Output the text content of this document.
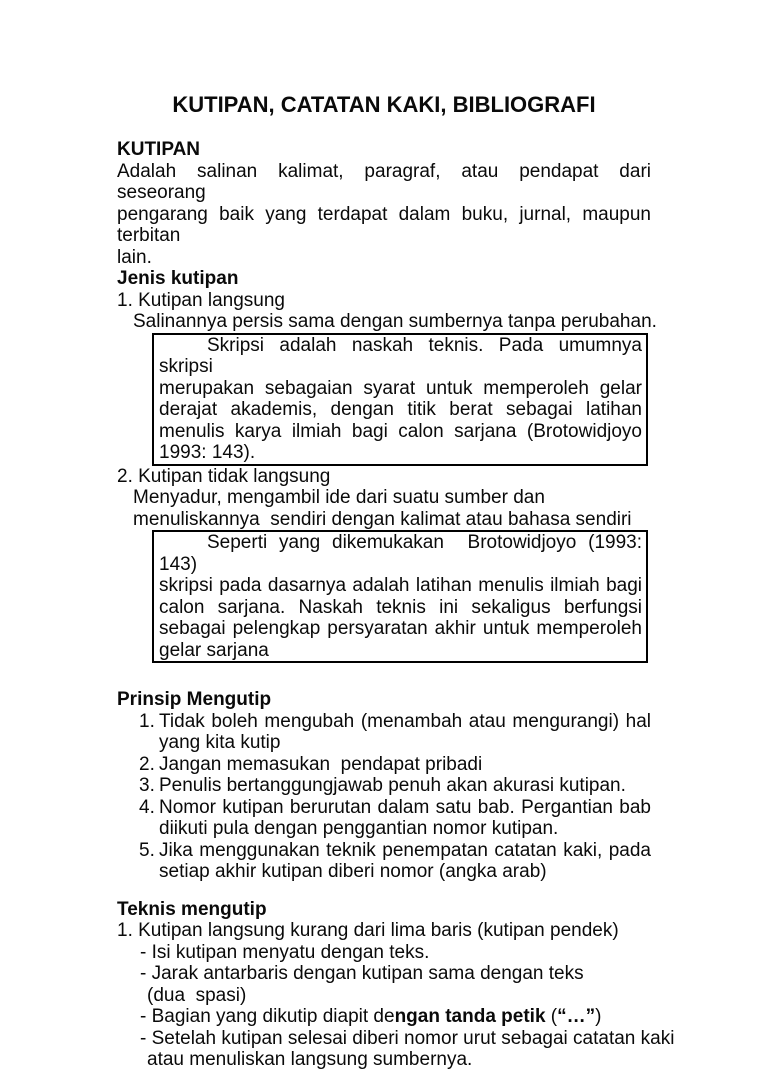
KUTIPAN, CATATAN KAKI, BIBLIOGRAFI
KUTIPAN
Adalah salinan kalimat, paragraf, atau pendapat dari seseorang
pengarang baik yang terdapat dalam buku, jurnal, maupun terbitan
lain.
Jenis kutipan
1. Kutipan langsung
Salinannya persis sama dengan sumbernya tanpa perubahan.
Skripsi adalah naskah teknis. Pada umumnya skripsi
merupakan sebagaian syarat untuk memperoleh gelar
derajat akademis, dengan titik berat sebagai latihan
menulis karya ilmiah bagi calon sarjana (Brotowidjoyo
1993: 143).
2. Kutipan tidak langsung
Menyadur, mengambil ide dari suatu sumber dan
menuliskannya  sendiri dengan kalimat atau bahasa sendiri
Seperti yang dikemukakan  Brotowidjoyo (1993: 143)
skripsi pada dasarnya adalah latihan menulis ilmiah bagi
calon sarjana. Naskah teknis ini sekaligus berfungsi
sebagai pelengkap persyaratan akhir untuk memperoleh
gelar sarjana
Prinsip Mengutip
1. Tidak boleh mengubah (menambah atau mengurangi) hal
yang kita kutip
2. Jangan memasukan  pendapat pribadi
3. Penulis bertanggungjawab penuh akan akurasi kutipan.
4. Nomor kutipan berurutan dalam satu bab. Pergantian bab
diikuti pula dengan penggantian nomor kutipan.
5. Jika menggunakan teknik penempatan catatan kaki, pada
setiap akhir kutipan diberi nomor (angka arab)
Teknis mengutip
1. Kutipan langsung kurang dari lima baris (kutipan pendek)
- Isi kutipan menyatu dengan teks.
- Jarak antarbaris dengan kutipan sama dengan teks
(dua  spasi)
- Bagian yang dikutip diapit dengan tanda petik (“…”)
- Setelah kutipan selesai diberi nomor urut sebagai catatan kaki
atau menuliskan langsung sumbernya.
